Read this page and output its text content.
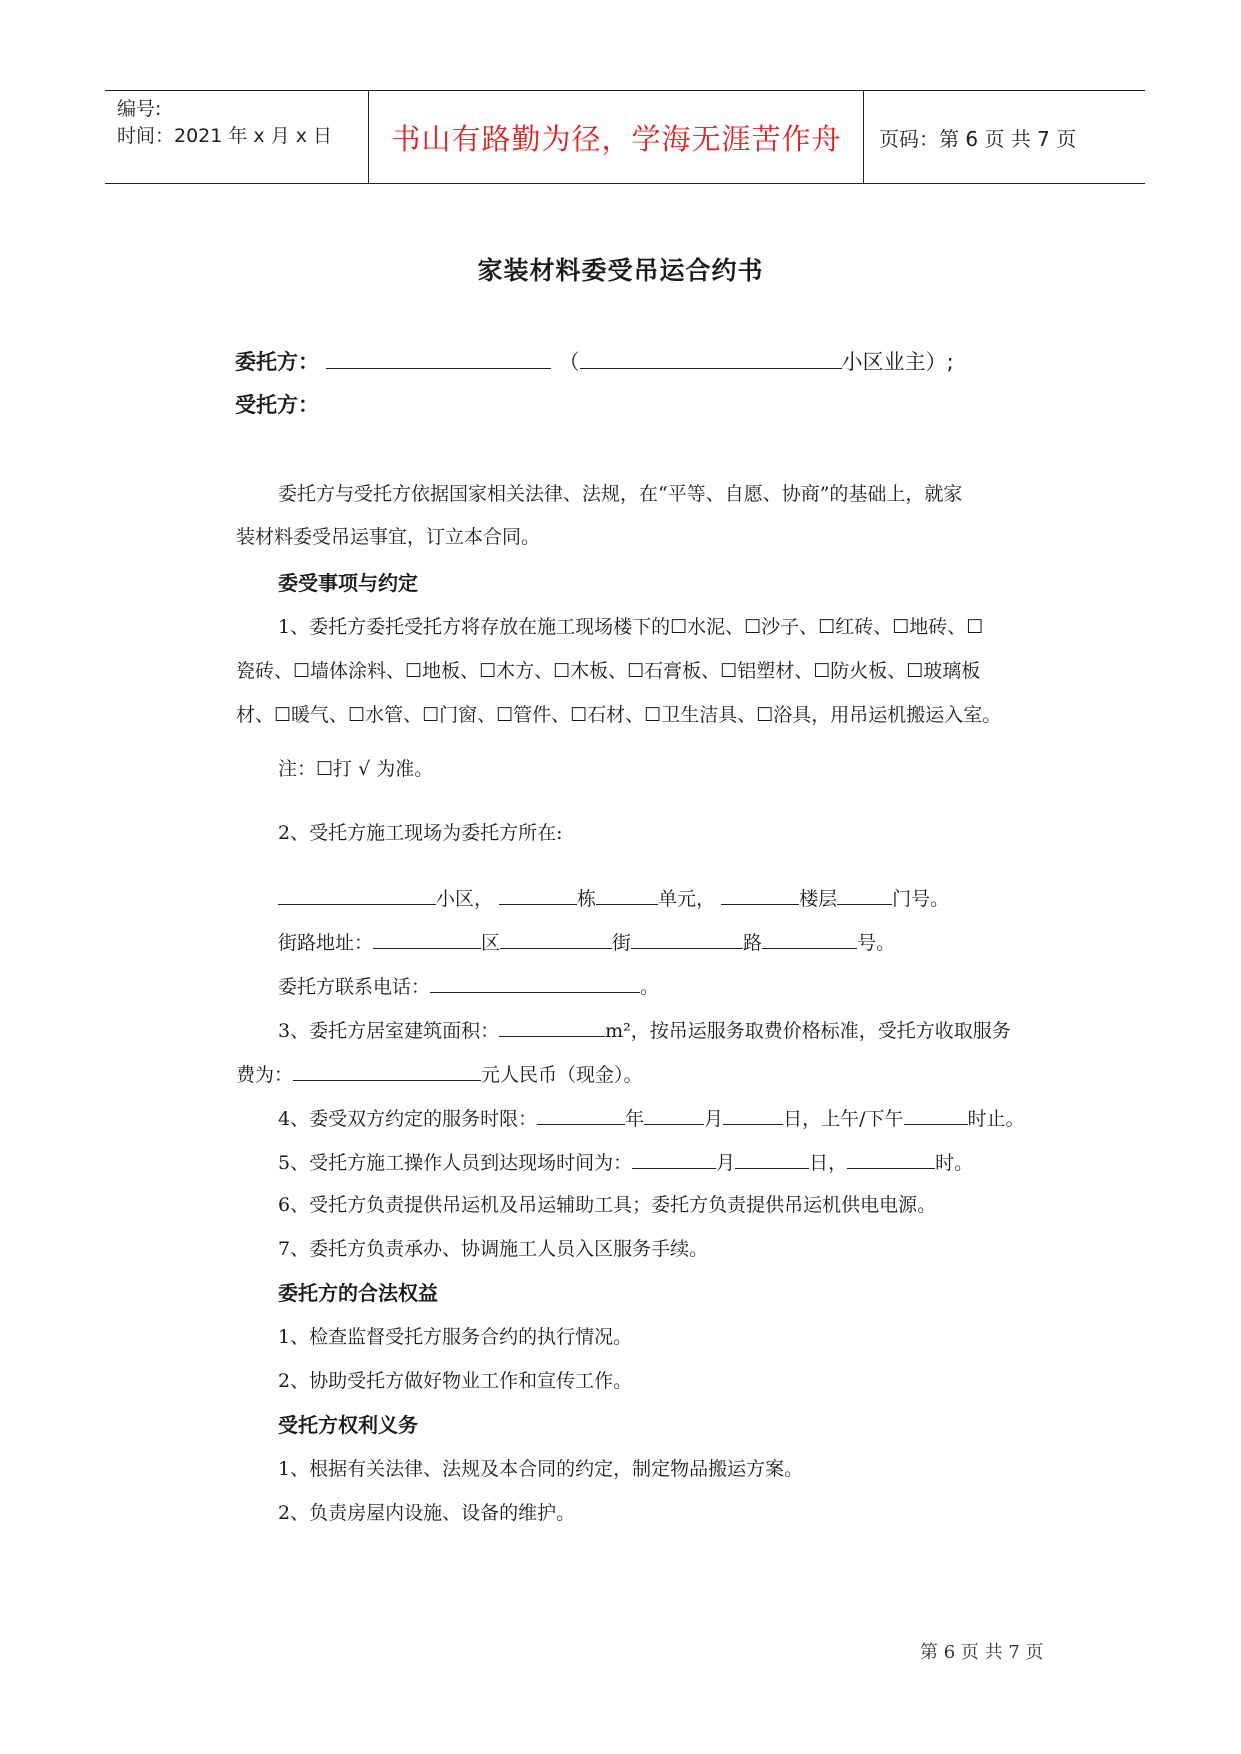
编号:
时间：2021 年 x 月 x 日	书山有路勤为径，学海无涯苦作舟	页码：第 6 页 共 7 页
家装材料委受吊运合约书
委托方：	（	小区业主）;
受托方：
委托方与受托方依据国家相关法律、法规，在“平等、自愿、协商”的基础上，就家
装材料委受吊运事宜，订立本合同。
委受事项与约定
1、委托方委托受托方将存放在施工现场楼下的☐水泥、☐沙子、☐红砖、☐地砖、☐
瓷砖、☐墙体涂料、☐地板、☐木方、☐木板、☐石膏板、☐铝塑材、☐防火板、☐玻璃板
材、☐暖气、☐水管、☐门窗、☐管件、☐石材、☐卫生洁具、☐浴具，用吊运机搬运入室。
注：☐打 √ 为准。
2、受托方施工现场为委托方所在:
小区，	栋	单元，	楼层	门号。
街路地址：	区	街	路	号。
委托方联系电话：	。
3、委托方居室建筑面积：	m²，按吊运服务取费价格标准，受托方收取服务
费为：	元人民币（现金）。
4、委受双方约定的服务时限：	年	月	日，上午/下午	时止。
5、受托方施工操作人员到达现场时间为：	月	日，	时。
6、受托方负责提供吊运机及吊运辅助工具；委托方负责提供吊运机供电电源。
7、委托方负责承办、协调施工人员入区服务手续。
委托方的合法权益
1、检查监督受托方服务合约的执行情况。
2、协助受托方做好物业工作和宣传工作。
受托方权利义务
1、根据有关法律、法规及本合同的约定，制定物品搬运方案。
2、负责房屋内设施、设备的维护。
第 6 页 共 7 页
